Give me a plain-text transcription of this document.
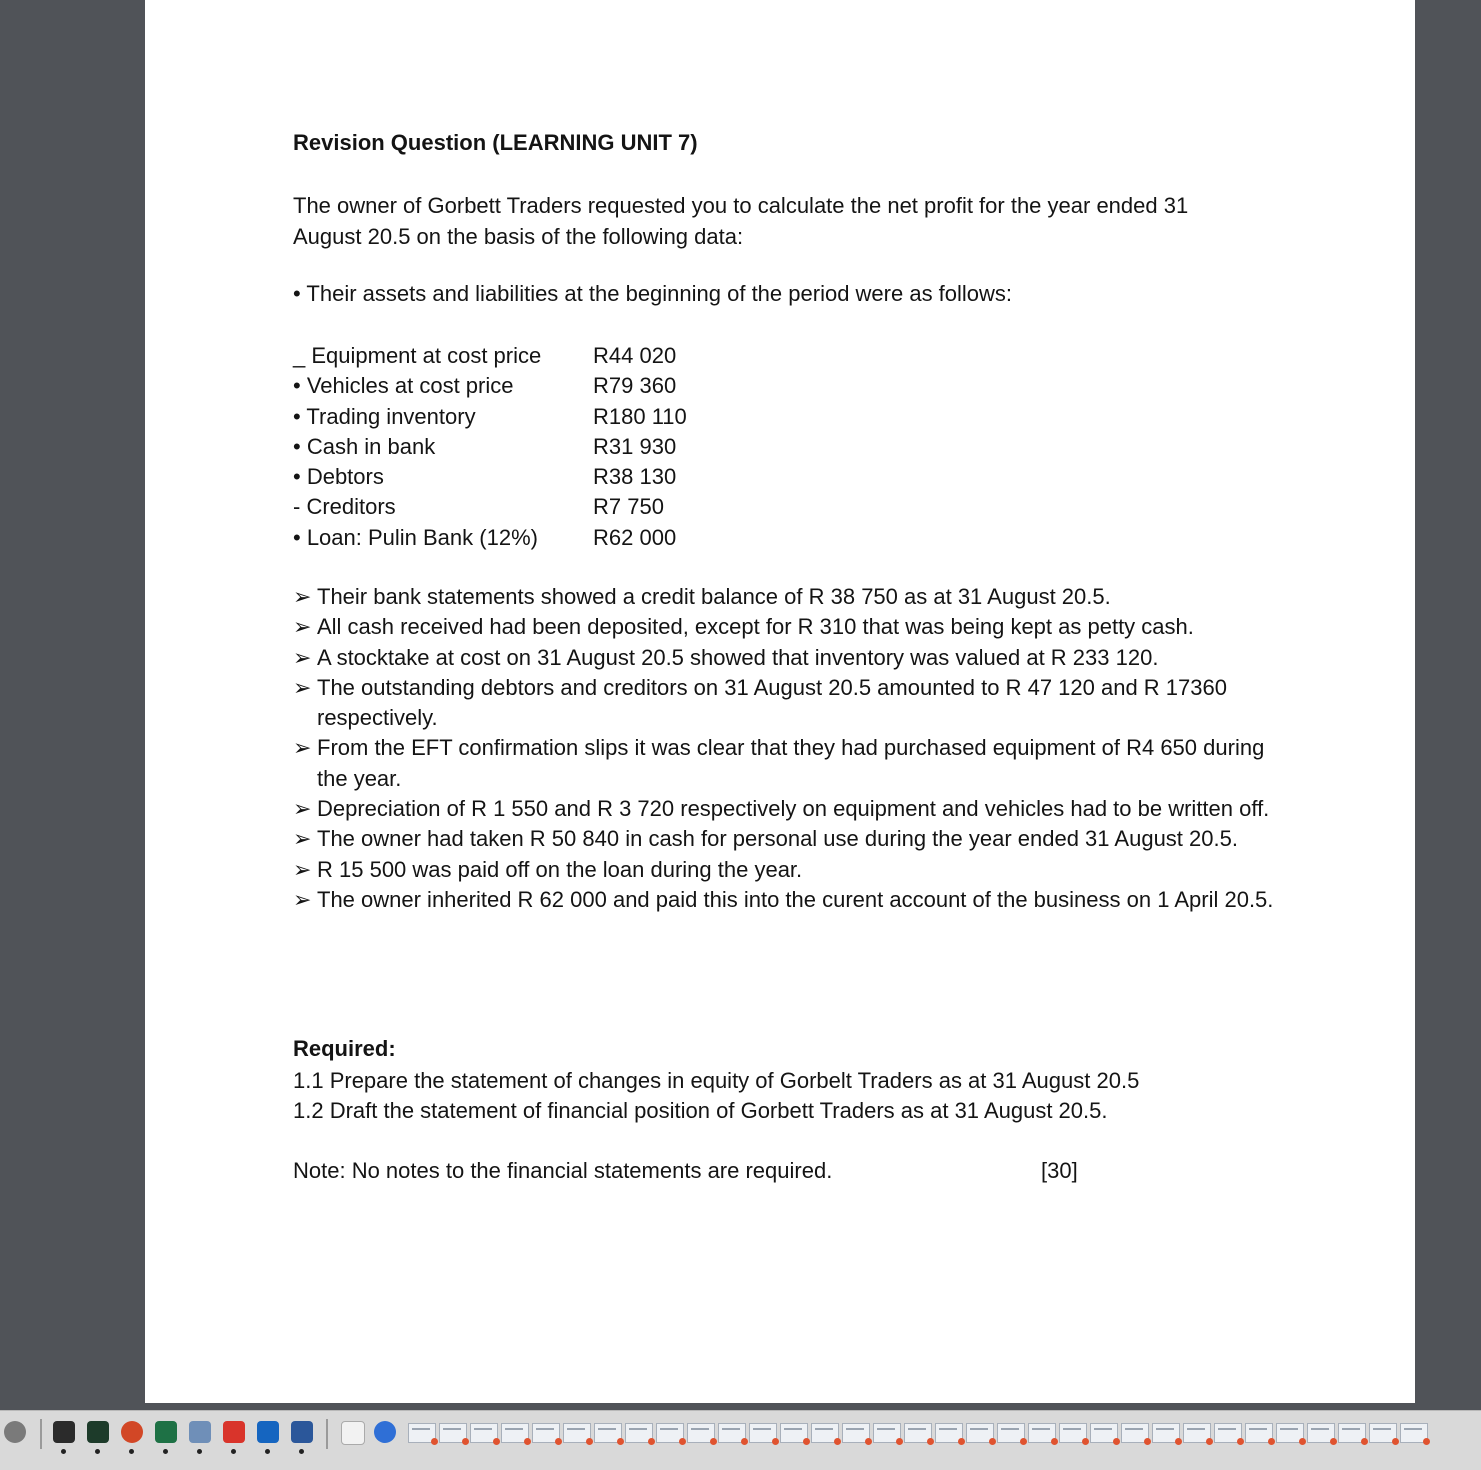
Revision Question (LEARNING UNIT 7)
The owner of Gorbett Traders requested you to calculate the net profit for the year ended 31 August 20.5 on the basis of the following data:
• Their assets and liabilities at the beginning of the period were as follows:
_ Equipment at cost price R44 020
• Vehicles at cost price	R79 360
• Trading inventory	R180 110
• Cash in bank	R31 930
• Debtors	R38 130
- Creditors	R7 750
• Loan: Pulin Bank (12%)	R62 000
➢ Their bank statements showed a credit balance of R 38 750 as at 31 August 20.5.
➢ All cash received had been deposited, except for R 310 that was being kept as petty cash.
➢ A stocktake at cost on 31 August 20.5 showed that inventory was valued at R 233 120.
➢ The outstanding debtors and creditors on 31 August 20.5 amounted to R 47 120 and R 17360 respectively.
➢ From the EFT confirmation slips it was clear that they had purchased equipment of R4 650 during the year.
➢ Depreciation of R 1 550 and R 3 720 respectively on equipment and vehicles had to be written off.
➢ The owner had taken R 50 840 in cash for personal use during the year ended 31 August 20.5.
➢ R 15 500 was paid off on the loan during the year.
➢ The owner inherited R 62 000 and paid this into the curent account of the business on 1 April 20.5.
Required:
1.1 Prepare the statement of changes in equity of Gorbelt Traders as at 31 August 20.5
1.2 Draft the statement of financial position of Gorbett Traders as at 31 August 20.5.
Note: No notes to the financial statements are required.	[30]
